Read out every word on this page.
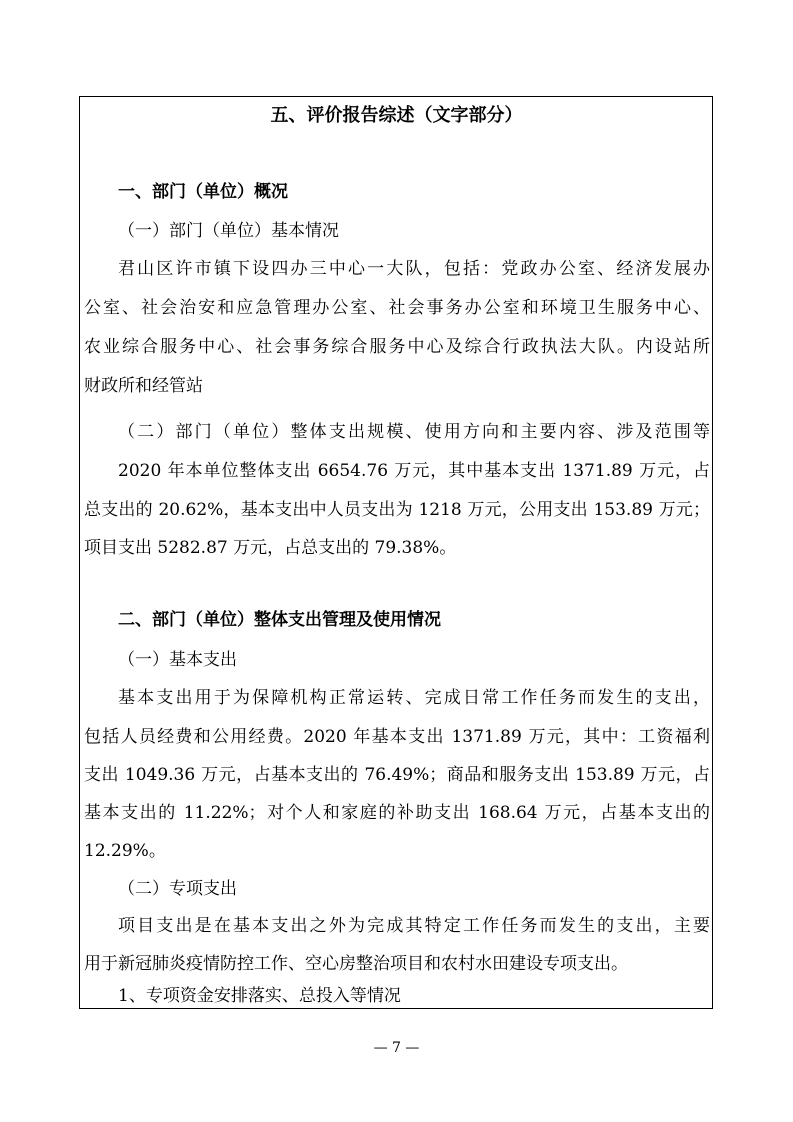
五、评价报告综述（文字部分）
一、部门（单位）概况
（一）部门（单位）基本情况
君山区许市镇下设四办三中心一大队，包括：党政办公室、经济发展办
公室、社会治安和应急管理办公室、社会事务办公室和环境卫生服务中心、
农业综合服务中心、社会事务综合服务中心及综合行政执法大队。内设站所
财政所和经管站
（二）部门（单位）整体支出规模、使用方向和主要内容、涉及范围等
2020 年本单位整体支出 6654.76 万元，其中基本支出 1371.89 万元，占
总支出的 20.62%，基本支出中人员支出为 1218 万元，公用支出 153.89 万元；
项目支出 5282.87 万元，占总支出的 79.38%。
二、部门（单位）整体支出管理及使用情况
（一）基本支出
基本支出用于为保障机构正常运转、完成日常工作任务而发生的支出，
包括人员经费和公用经费。2020 年基本支出 1371.89 万元，其中：工资福利
支出 1049.36 万元，占基本支出的 76.49%；商品和服务支出 153.89 万元，占
基本支出的 11.22%；对个人和家庭的补助支出 168.64 万元，占基本支出的
12.29%。
（二）专项支出
项目支出是在基本支出之外为完成其特定工作任务而发生的支出，主要
用于新冠肺炎疫情防控工作、空心房整治项目和农村水田建设专项支出。
1、专项资金安排落实、总投入等情况
— 7 —
